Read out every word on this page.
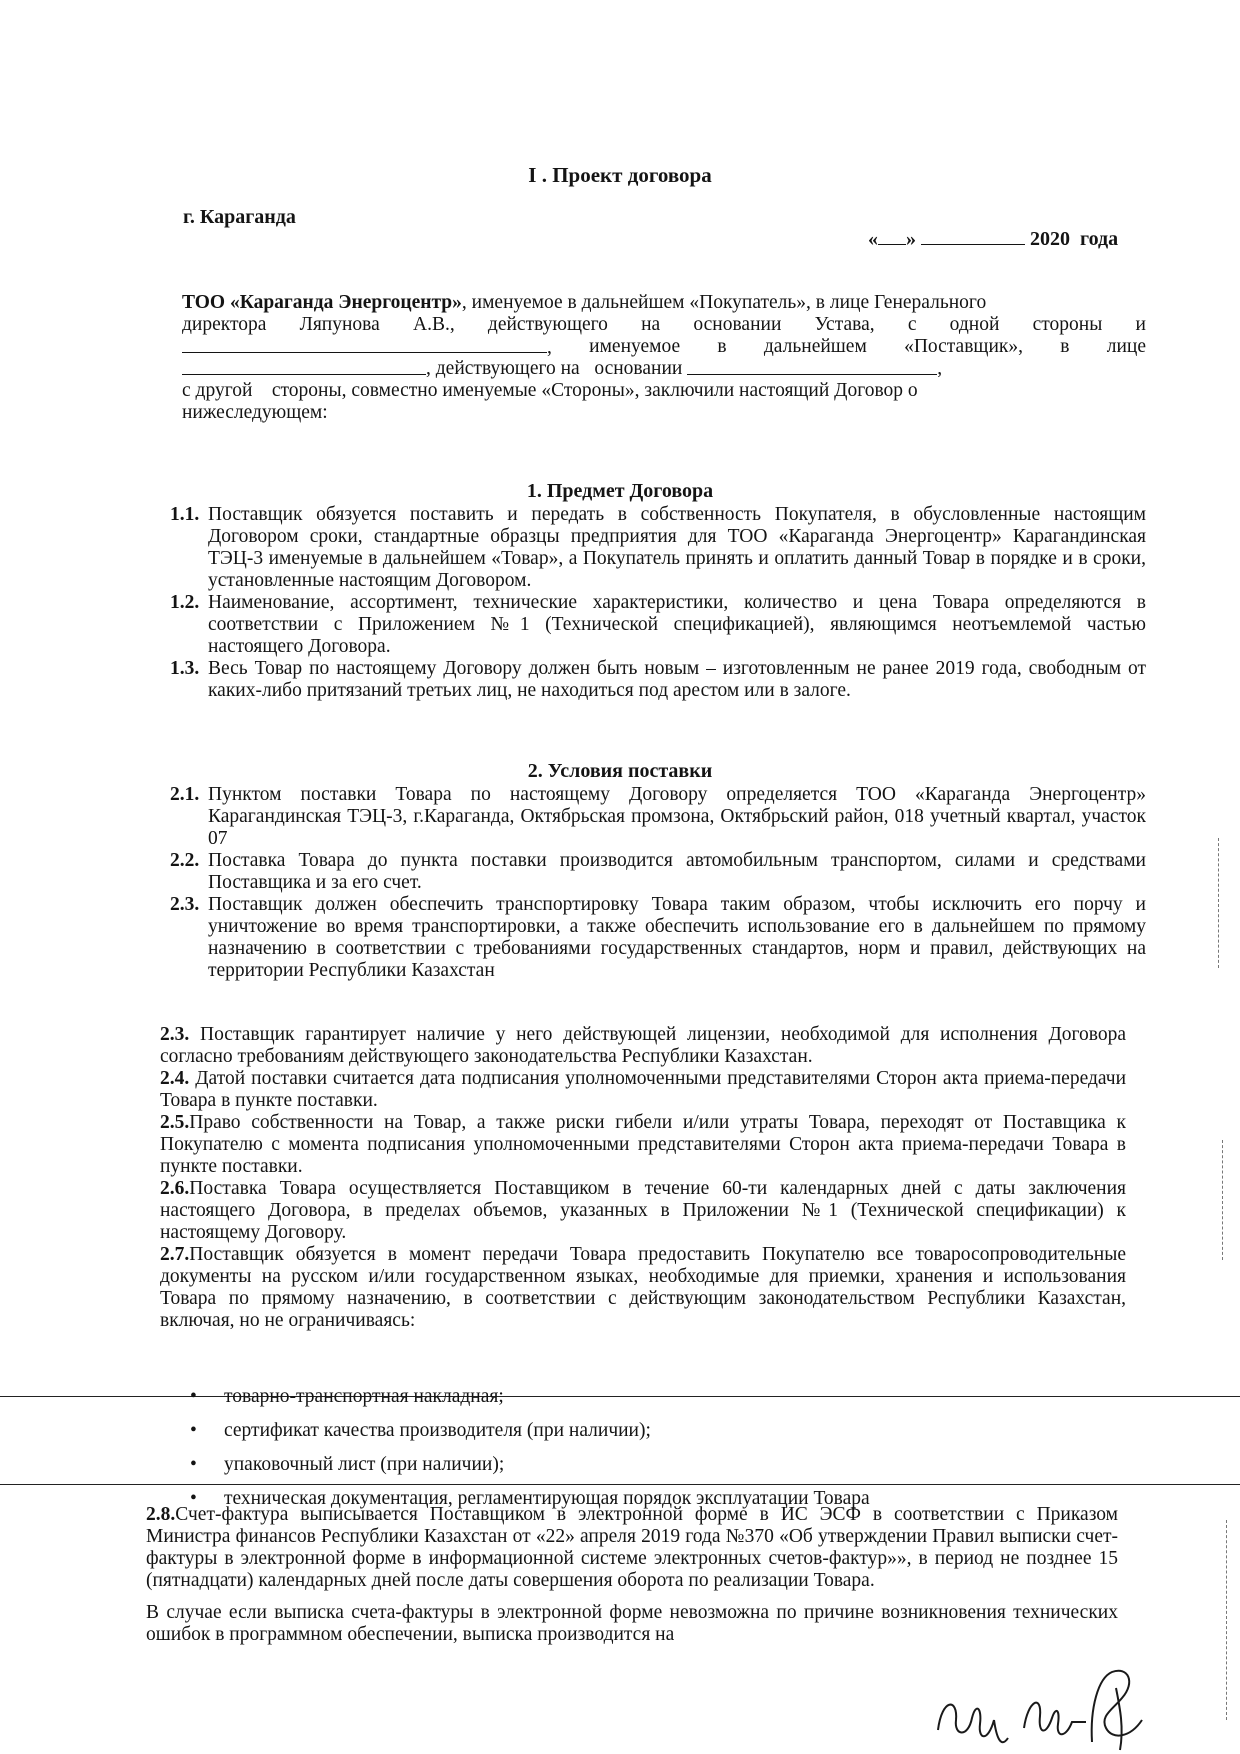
I . Проект договора
г. Караганда
« »	2020  года
ТОО «Караганда Энергоцентр» , именуемое в дальнейшем «Покупатель», в лице Генерального
директора Ляпунова А.В., действующего на основании Устава, с одной стороны и
, именуемое в дальнейшем «Поставщик», в лице
, действующего на
основании
	,
с другой    стороны, совместно именуемые «Стороны», заключили настоящий Договор о
нижеследующем:
1. Предмет Договора
1.1. Поставщик обязуется поставить и передать в собственность Покупателя, в обусловленные настоящим Договором сроки, стандартные образцы предприятия для ТОО «Караганда Энергоцентр» Карагандинская ТЭЦ-3 именуемые в дальнейшем «Товар», а Покупатель принять и оплатить данный Товар в порядке и в сроки, установленные настоящим Договором.
1.2. Наименование, ассортимент, технические характеристики, количество и цена Товара определяются в соответствии с Приложением №1 (Технической спецификацией), являющимся неотъемлемой частью настоящего Договора.
1.3. Весь Товар по настоящему Договору должен быть новым – изготовленным не ранее 2019 года, свободным от каких-либо притязаний третьих лиц, не находиться под арестом или в залоге.
2. Условия поставки
2.1. Пунктом поставки Товара по настоящему Договору определяется ТОО «Караганда Энергоцентр» Карагандинская ТЭЦ-3, г.Караганда, Октябрьская промзона, Октябрьский район, 018 учетный квартал, участок 07
2.2. Поставка Товара до пункта поставки производится автомобильным транспортом, силами и средствами Поставщика и за его счет.
2.3. Поставщик должен обеспечить транспортировку Товара таким образом, чтобы исключить его порчу и уничтожение во время транспортировки, а также обеспечить использование его в дальнейшем по прямому назначению в соответствии с требованиями государственных стандартов, норм и правил, действующих на территории Республики Казахстан
2.3. Поставщик гарантирует наличие у него действующей лицензии, необходимой для исполнения Договора согласно требованиям действующего законодательства Республики Казахстан.
2.4. Датой поставки считается дата подписания уполномоченными представителями Сторон акта приема-передачи Товара в пункте поставки.
2.5.Право собственности на Товар, а также риски гибели и/или утраты Товара, переходят от Поставщика к Покупателю с момента подписания уполномоченными представителями Сторон акта приема-передачи Товара в пункте поставки.
2.6.Поставка Товара осуществляется Поставщиком в течение 60-ти календарных дней с даты заключения настоящего Договора, в пределах объемов, указанных в Приложении №1 (Технической спецификации) к настоящему Договору.
2.7.Поставщик обязуется в момент передачи Товара предоставить Покупателю все товаросопроводительные документы на русском и/или государственном языках, необходимые для приемки, хранения и использования Товара по прямому назначению, в соответствии с действующим законодательством Республики Казахстан, включая, но не ограничиваясь:
• товарно-транспортная накладная;
• сертификат качества производителя (при наличии);
• упаковочный лист (при наличии);
• техническая документация, регламентирующая порядок эксплуатации Товара
2.8.Счет-фактура выписывается Поставщиком в электронной форме в ИС ЭСФ в соответствии с Приказом Министра финансов Республики Казахстан от «22» апреля 2019 года №370 «Об утверждении Правил выписки счет-фактуры в электронной форме в информационной системе электронных счетов-фактур»», в период не позднее 15 (пятнадцати) календарных дней после даты совершения оборота по реализации Товара.
В случае если выписка счета-фактуры в электронной форме невозможна по причине возникновения технических ошибок в программном обеспечении, выписка производится на
